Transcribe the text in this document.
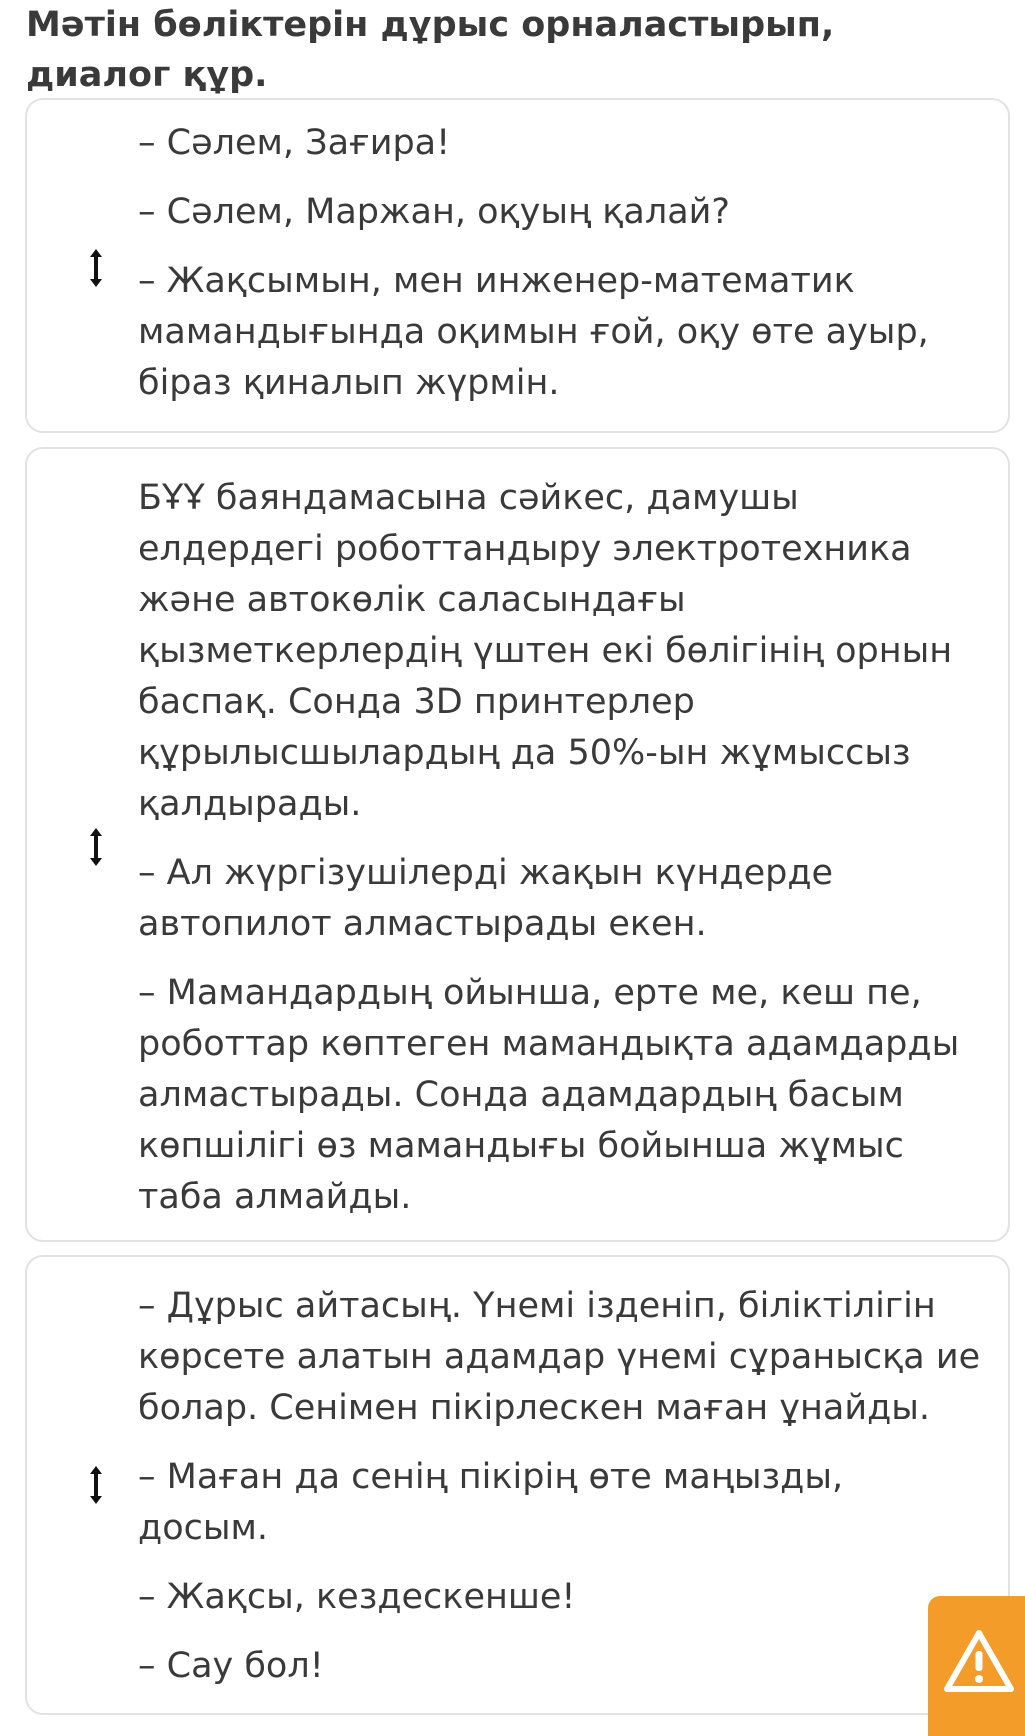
Мәтін бөліктерін дұрыс орналастырып, диалог құр.

– Сәлем, Зағира!

– Сәлем, Маржан, оқуың қалай?

– Жақсымын, мен инженер-математик
мамандығында оқимын ғой, оқу өте ауыр,
біраз қиналып жүрмін.

БҰҰ баяндамасына сәйкес, дамушы
елдердегі роботтандыру электротехника
және автокөлік саласындағы
қызметкерлердің үштен екі бөлігінің орнын
баспақ. Сонда 3D принтерлер
құрылысшылардың да 50%-ын жұмыссыз
қалдырады.

– Ал жүргізушілерді жақын күндерде
автопилот алмастырады екен.

– Мамандардың ойынша, ерте ме, кеш пе,
роботтар көптеген мамандықта адамдарды
алмастырады. Сонда адамдардың басым
көпшілігі өз мамандығы бойынша жұмыс
таба алмайды.

– Дұрыс айтасың. Үнемі ізденіп, біліктілігін
көрсете алатын адамдар үнемі сұранысқа ие
болар. Сенімен пікірлескен маған ұнайды.

– Маған да сенің пікірің өте маңызды,
досым.

– Жақсы, кездескенше!

– Сау бол!
